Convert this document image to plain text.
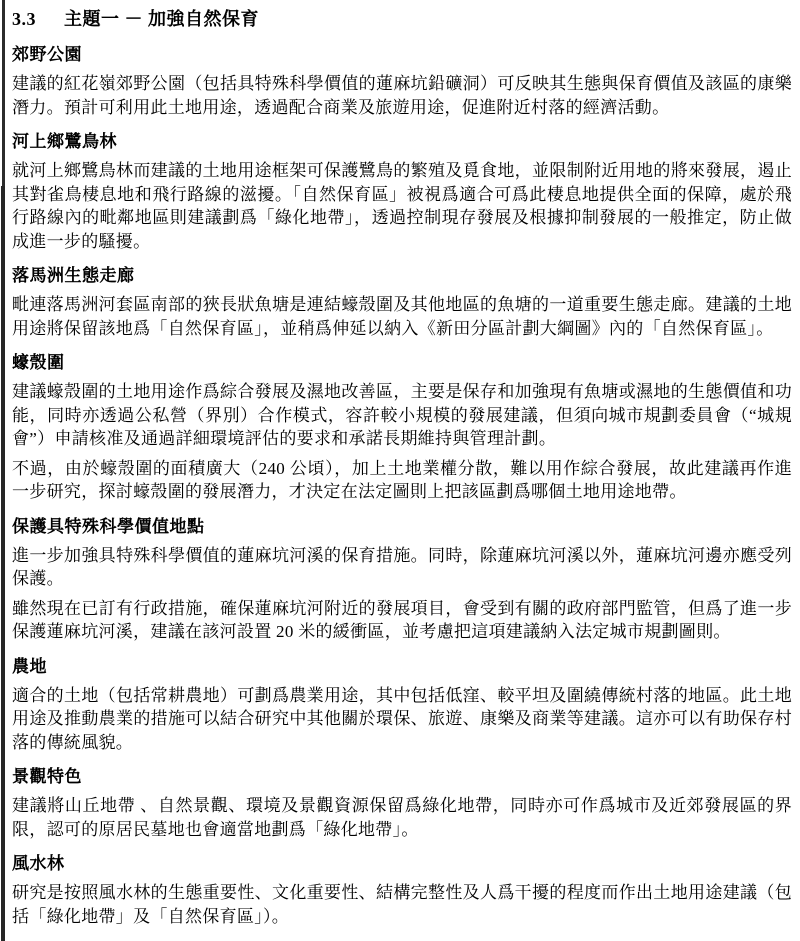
3.3 主題一 － 加強自然保育
郊野公園

建議的紅花嶺郊野公園（包括具特殊科學價值的蓮麻坑鉛礦洞）可反映其生態與保育價值及該區的康樂潛力。預計可利用此土地用途，透過配合商業及旅遊用途，促進附近村落的經濟活動。

河上鄉鷺鳥林

就河上鄉鷺鳥林而建議的土地用途框架可保護鷺鳥的繁殖及覓食地，並限制附近用地的將來發展，遏止其對雀鳥棲息地和飛行路線的滋擾。「自然保育區」被視爲適合可爲此棲息地提供全面的保障，處於飛行路線內的毗鄰地區則建議劃爲「綠化地帶」，透過控制現存發展及根據抑制發展的一般推定，防止做成進一步的騷擾。

落馬洲生態走廊

毗連落馬洲河套區南部的狹長狀魚塘是連結蠔殼圍及其他地區的魚塘的一道重要生態走廊。建議的土地用途將保留該地爲「自然保育區」，並稍爲伸延以納入《新田分區計劃大綱圖》內的「自然保育區」。

蠔殼圍

建議蠔殼圍的土地用途作爲綜合發展及濕地改善區，主要是保存和加強現有魚塘或濕地的生態價值和功能，同時亦透過公私營（界別）合作模式，容許較小規模的發展建議，但須向城市規劃委員會（“城規會”）申請核准及通過詳細環境評估的要求和承諾長期維持與管理計劃。

不過，由於蠔殼圍的面積廣大（240 公頃），加上土地業權分散，難以用作綜合發展，故此建議再作進一步研究，探討蠔殼圍的發展潛力，才決定在法定圖則上把該區劃爲哪個土地用途地帶。

保護具特殊科學價值地點

進一步加強具特殊科學價值的蓮麻坑河溪的保育措施。同時，除蓮麻坑河溪以外，蓮麻坑河邊亦應受列保護。

雖然現在已訂有行政措施，確保蓮麻坑河附近的發展項目，會受到有關的政府部門監管，但爲了進一步保護蓮麻坑河溪，建議在該河設置 20 米的緩衝區，並考慮把這項建議納入法定城市規劃圖則。

農地

適合的土地（包括常耕農地）可劃爲農業用途，其中包括低窪、較平坦及圍繞傳統村落的地區。此土地用途及推動農業的措施可以結合研究中其他關於環保、旅遊、康樂及商業等建議。這亦可以有助保存村落的傳統風貌。

景觀特色

建議將山丘地帶 、自然景觀、環境及景觀資源保留爲綠化地帶，同時亦可作爲城市及近郊發展區的界限，認可的原居民墓地也會適當地劃爲「綠化地帶」。

風水林

研究是按照風水林的生態重要性、文化重要性、結構完整性及人爲干擾的程度而作出土地用途建議（包括「綠化地帶」及「自然保育區」）。
